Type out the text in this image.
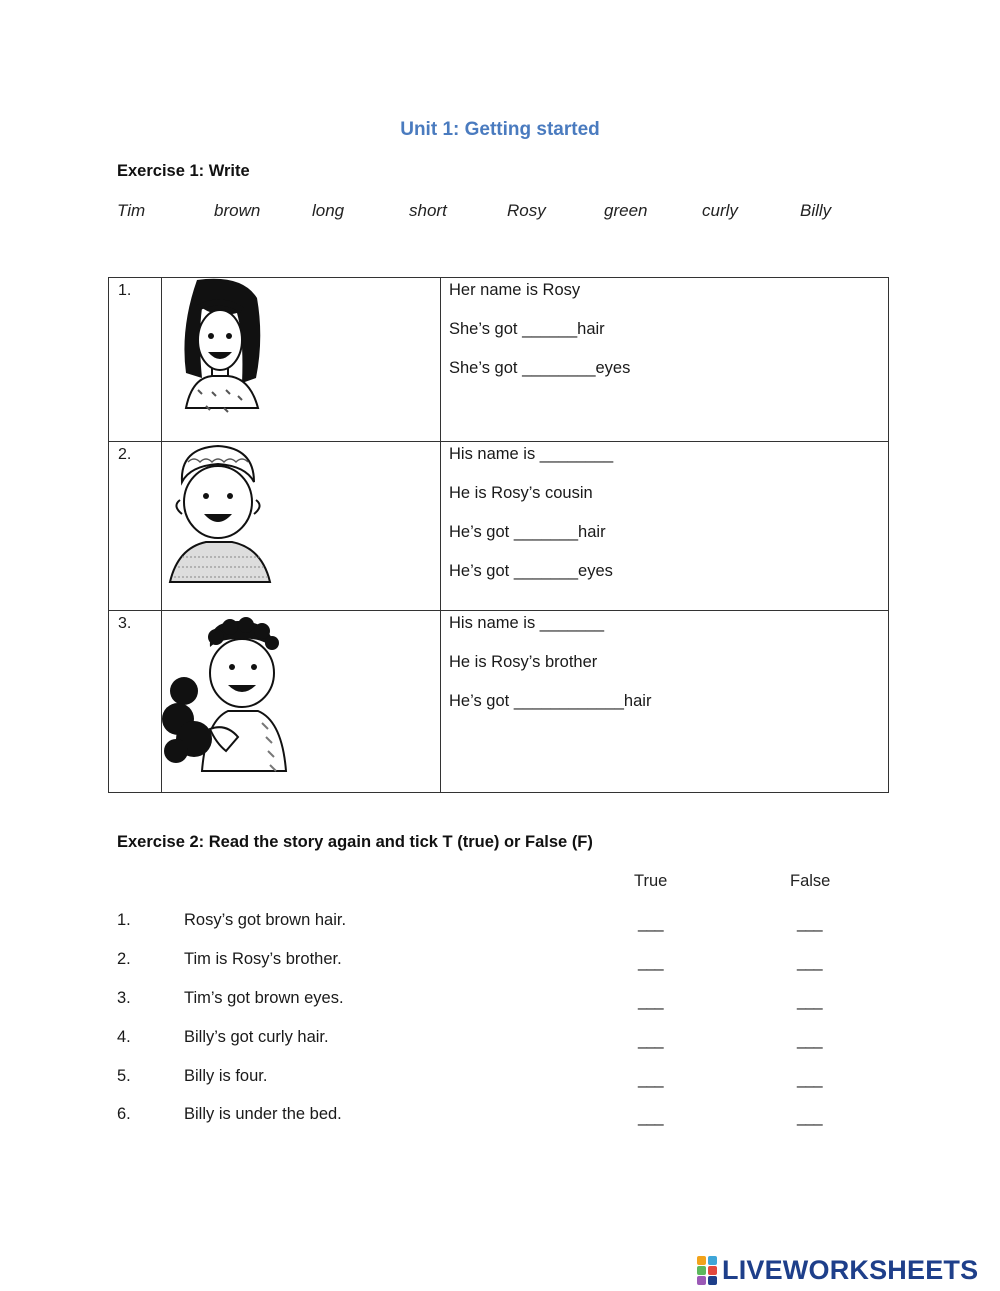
Unit 1: Getting started
Exercise 1: Write
Tim	brown	long	short	Rosy	green	curly	Billy
1.	Her name is Rosy
She’s got ______hair
She’s got ________eyes
2.	His name is ________
He is Rosy’s cousin
He’s got _______hair
He’s got _______eyes
3.	His name is _______
He is Rosy’s brother
He’s got ____________hair
Exercise 2: Read the story again and tick T (true) or False (F)
True	False
1.	Rosy’s got brown hair.	___	___
2.	Tim is Rosy’s brother.	___	___
3.	Tim’s got brown eyes.	___	___
4.	Billy’s got curly hair.	___	___
5.	Billy is four.	___	___
6.	Billy is under the bed.	___	___
LIVEWORKSHEETS
